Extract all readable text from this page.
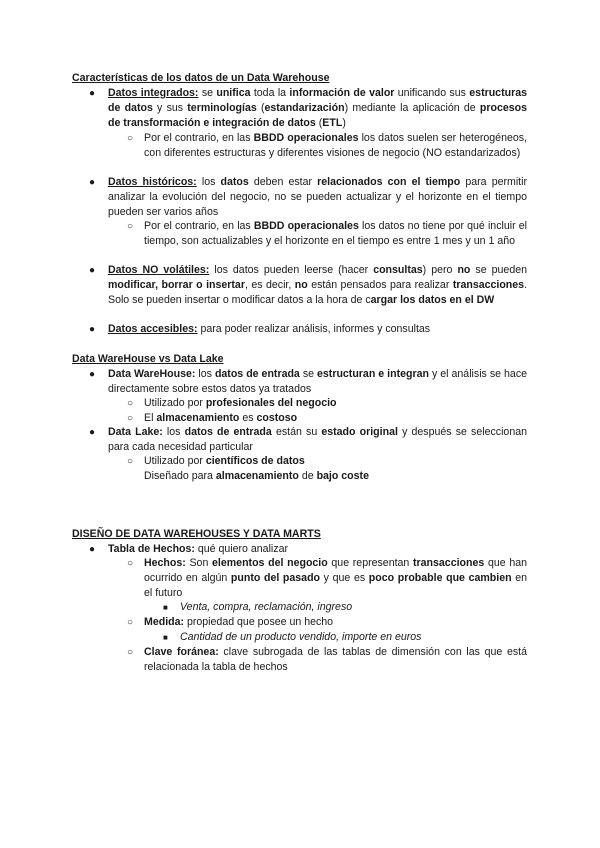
Características de los datos de un Data Warehouse
● Datos integrados: se unifica toda la información de valor unificando sus estructuras de datos y sus terminologías (estandarización) mediante la aplicación de procesos de transformación e integración de datos (ETL)
○ Por el contrario, en las BBDD operacionales los datos suelen ser heterogéneos, con diferentes estructuras y diferentes visiones de negocio (NO estandarizados)
● Datos históricos: los datos deben estar relacionados con el tiempo para permitir analizar la evolución del negocio, no se pueden actualizar y el horizonte en el tiempo pueden ser varios años
○ Por el contrario, en las BBDD operacionales los datos no tiene por qué incluir el tiempo, son actualizables y el horizonte en el tiempo es entre 1 mes y un 1 año
● Datos NO volátiles: los datos pueden leerse (hacer consultas) pero no se pueden modificar, borrar o insertar, es decir, no están pensados para realizar transacciones. Solo se pueden insertar o modificar datos a la hora de cargar los datos en el DW
● Datos accesibles: para poder realizar análisis, informes y consultas
Data WareHouse vs Data Lake
● Data WareHouse: los datos de entrada se estructuran e integran y el análisis se hace directamente sobre estos datos ya tratados
○ Utilizado por profesionales del negocio
○ El almacenamiento es costoso
● Data Lake: los datos de entrada están su estado original y después se seleccionan para cada necesidad particular
○ Utilizado por científicos de datos
Diseñado para almacenamiento de bajo coste
DISEÑO DE DATA WAREHOUSES Y DATA MARTS
● Tabla de Hechos: qué quiero analizar
○ Hechos: Son elementos del negocio que representan transacciones que han ocurrido en algún punto del pasado y que es poco probable que cambien en el futuro
■ Venta, compra, reclamación, ingreso
○ Medida: propiedad que posee un hecho
■ Cantidad de un producto vendido, importe en euros
○ Clave foránea: clave subrogada de las tablas de dimensión con las que está relacionada la tabla de hechos
